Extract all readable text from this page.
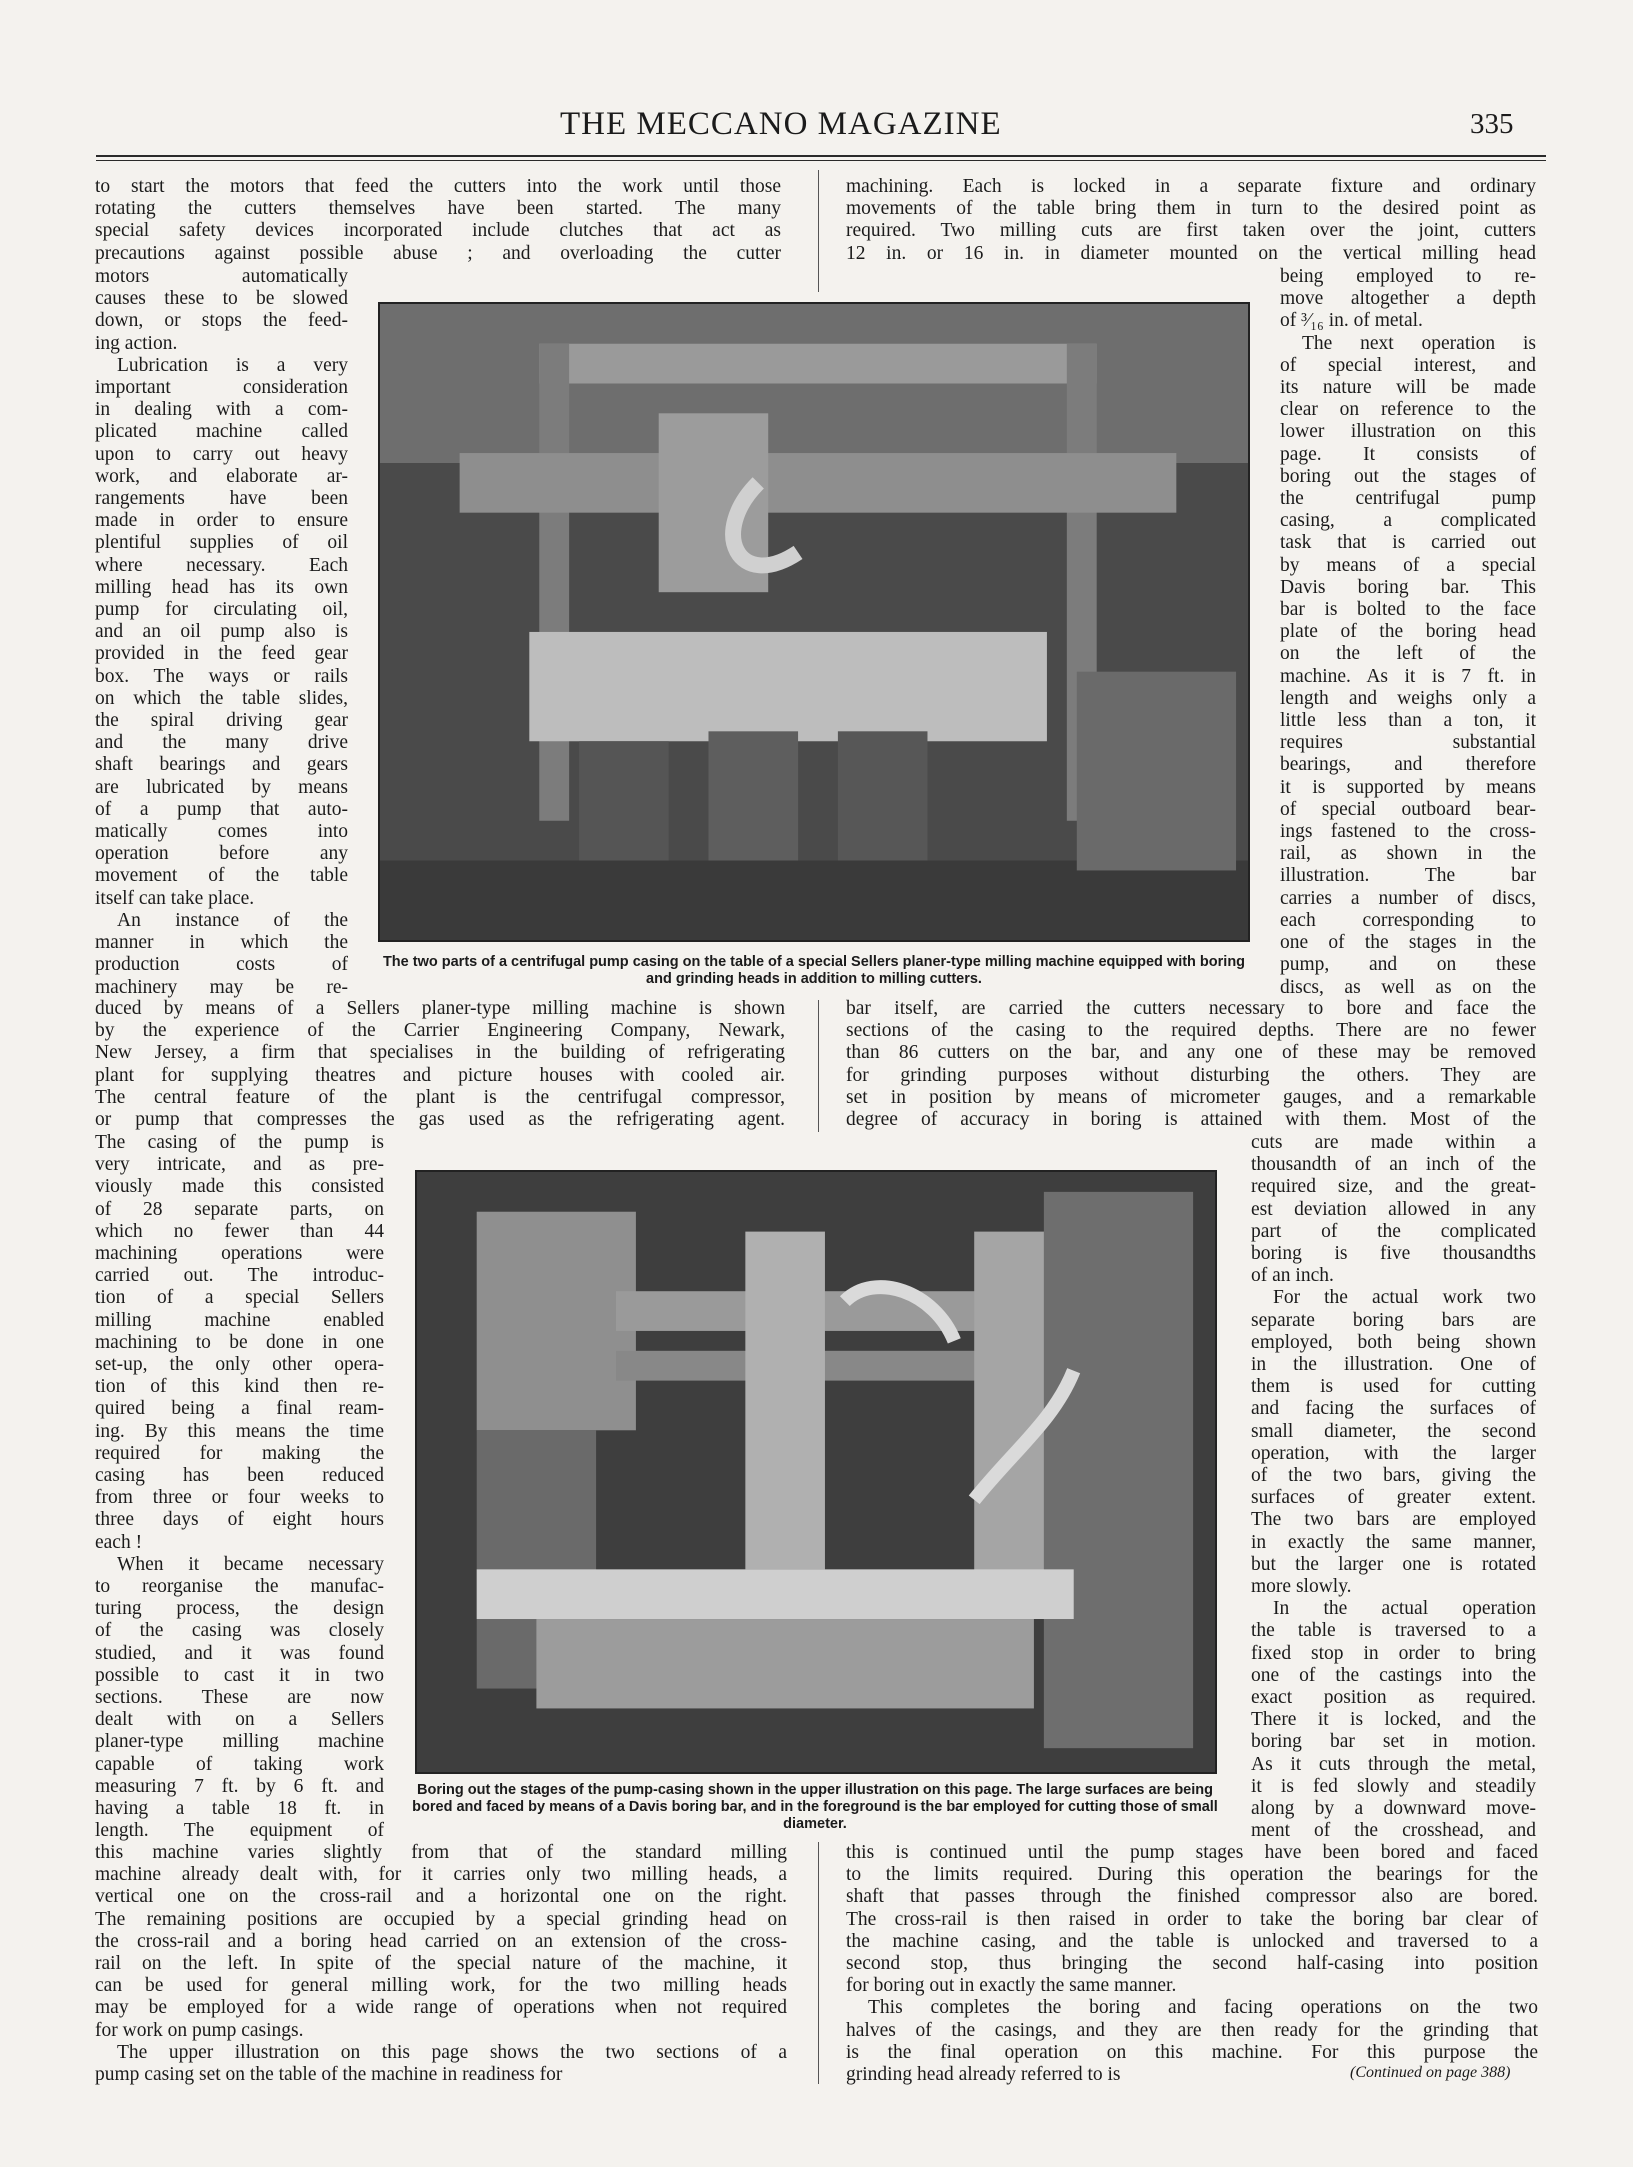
THE MECCANO MAGAZINE	335

The two parts of a centrifugal pump casing on the table of a special Sellers planer-type milling machine equipped with boring and grinding heads in addition to milling cutters.

Boring out the stages of the pump-casing shown in the upper illustration on this page. The large surfaces are being bored and faced by means of a Davis boring bar, and in the foreground is the bar employed for cutting those of small diameter.

to start the motors that feed the cutters into the work until those

rotating the cutters themselves have been started. The many

special safety devices incorporated include clutches that act as

precautions against possible abuse ; and overloading the cutter

motors automatically

causes these to be slowed

down, or stops the feed-

ing action.

Lubrication is a very

important consideration

in dealing with a com-

plicated machine called

upon to carry out heavy

work, and elaborate ar-

rangements have been

made in order to ensure

plentiful supplies of oil

where necessary. Each

milling head has its own

pump for circulating oil,

and an oil pump also is

provided in the feed gear

box. The ways or rails

on which the table slides,

the spiral driving gear

and the many drive

shaft bearings and gears

are lubricated by means

of a pump that auto-

matically comes into

operation before any

movement of the table

itself can take place.

An instance of the

manner in which the

production costs of

machinery may be re-

duced by means of a Sellers planer-type milling machine is shown

by the experience of the Carrier Engineering Company, Newark,

New Jersey, a firm that specialises in the building of refrigerating

plant for supplying theatres and picture houses with cooled air.

The central feature of the plant is the centrifugal compressor,

or pump that compresses the gas used as the refrigerating agent.

The casing of the pump is

very intricate, and as pre-

viously made this consisted

of 28 separate parts, on

which no fewer than 44

machining operations were

carried out. The introduc-

tion of a special Sellers

milling machine enabled

machining to be done in one

set-up, the only other opera-

tion of this kind then re-

quired being a final ream-

ing. By this means the time

required for making the

casing has been reduced

from three or four weeks to

three days of eight hours

each !

When it became necessary

to reorganise the manufac-

turing process, the design

of the casing was closely

studied, and it was found

possible to cast it in two

sections. These are now

dealt with on a Sellers

planer-type milling machine

capable of taking work

measuring 7 ft. by 6 ft. and

having a table 18 ft. in

length. The equipment of

this machine varies slightly from that of the standard milling

machine already dealt with, for it carries only two milling heads, a

vertical one on the cross-rail and a horizontal one on the right.

The remaining positions are occupied by a special grinding head on

the cross-rail and a boring head carried on an extension of the cross-

rail on the left. In spite of the special nature of the machine, it

can be used for general milling work, for the two milling heads

may be employed for a wide range of operations when not required

for work on pump casings.

The upper illustration on this page shows the two sections of a

pump casing set on the table of the machine in readiness for

machining. Each is locked in a separate fixture and ordinary

movements of the table bring them in turn to the desired point as

required. Two milling cuts are first taken over the joint, cutters

12 in. or 16 in. in diameter mounted on the vertical milling head

being employed to re-

move altogether a depth

of ³⁄₁₆ in. of metal.

The next operation is

of special interest, and

its nature will be made

clear on reference to the

lower illustration on this

page. It consists of

boring out the stages of

the centrifugal pump

casing, a complicated

task that is carried out

by means of a special

Davis boring bar. This

bar is bolted to the face

plate of the boring head

on the left of the

machine. As it is 7 ft. in

length and weighs only a

little less than a ton, it

requires substantial

bearings, and therefore

it is supported by means

of special outboard bear-

ings fastened to the cross-

rail, as shown in the

illustration. The bar

carries a number of discs,

each corresponding to

one of the stages in the

pump, and on these

discs, as well as on the

bar itself, are carried the cutters necessary to bore and face the

sections of the casing to the required depths. There are no fewer

than 86 cutters on the bar, and any one of these may be removed

for grinding purposes without disturbing the others. They are

set in position by means of micrometer gauges, and a remarkable

degree of accuracy in boring is attained with them. Most of the

cuts are made within a

thousandth of an inch of the

required size, and the great-

est deviation allowed in any

part of the complicated

boring is five thousandths

of an inch.

For the actual work two

separate boring bars are

employed, both being shown

in the illustration. One of

them is used for cutting

and facing the surfaces of

small diameter, the second

operation, with the larger

of the two bars, giving the

surfaces of greater extent.

The two bars are employed

in exactly the same manner,

but the larger one is rotated

more slowly.

In the actual operation

the table is traversed to a

fixed stop in order to bring

one of the castings into the

exact position as required.

There it is locked, and the

boring bar set in motion.

As it cuts through the metal,

it is fed slowly and steadily

along by a downward move-

ment of the crosshead, and

this is continued until the pump stages have been bored and faced

to the limits required. During this operation the bearings for the

shaft that passes through the finished compressor also are bored.

The cross-rail is then raised in order to take the boring bar clear of

the machine casing, and the table is unlocked and traversed to a

second stop, thus bringing the second half-casing into position

for boring out in exactly the same manner.

This completes the boring and facing operations on the two

halves of the casings, and they are then ready for the grinding that

is the final operation on this machine. For this purpose the

grinding head already referred to is	(Continued on page 388)
